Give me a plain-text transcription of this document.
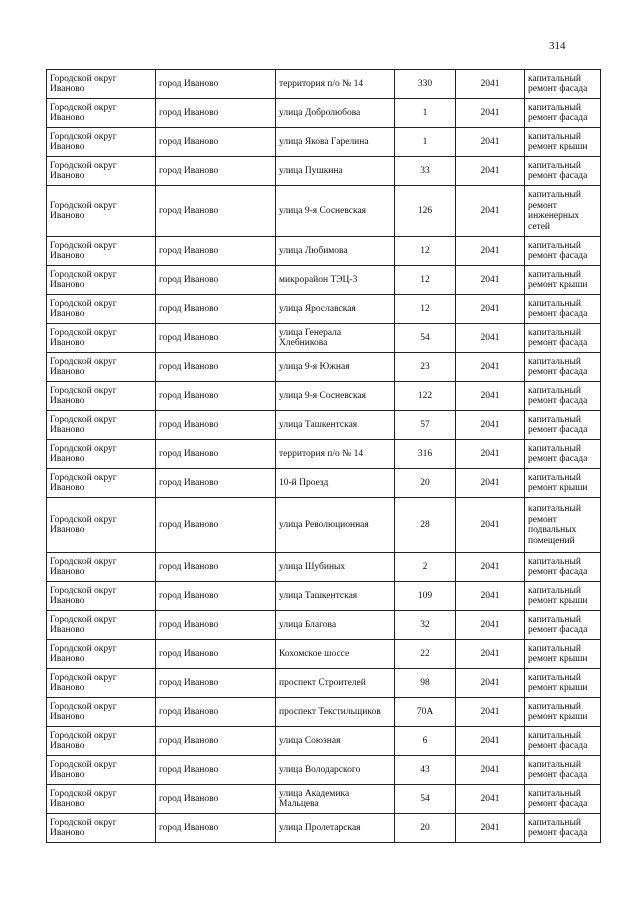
314
Городской округ Иваново	город Иваново	территория п/о № 14	330	2041	капитальный ремонт фасада
Городской округ Иваново	город Иваново	улица Добролюбова	1	2041	капитальный ремонт фасада
Городской округ Иваново	город Иваново	улица Якова Гарелина	1	2041	капитальный ремонт крыши
Городской округ Иваново	город Иваново	улица Пушкина	33	2041	капитальный ремонт фасада
Городской округ Иваново	город Иваново	улица 9-я Сосневская	126	2041	капитальный ремонт инженерных сетей
Городской округ Иваново	город Иваново	улица Любимова	12	2041	капитальный ремонт фасада
Городской округ Иваново	город Иваново	микрорайон ТЭЦ-3	12	2041	капитальный ремонт крыши
Городской округ Иваново	город Иваново	улица Ярославская	12	2041	капитальный ремонт фасада
Городской округ Иваново	город Иваново	улица Генерала Хлебникова	54	2041	капитальный ремонт фасада
Городской округ Иваново	город Иваново	улица 9-я Южная	23	2041	капитальный ремонт фасада
Городской округ Иваново	город Иваново	улица 9-я Сосневская	122	2041	капитальный ремонт фасада
Городской округ Иваново	город Иваново	улица Ташкентская	57	2041	капитальный ремонт фасада
Городской округ Иваново	город Иваново	территория п/о № 14	316	2041	капитальный ремонт фасада
Городской округ Иваново	город Иваново	10-й Проезд	20	2041	капитальный ремонт крыши
Городской округ Иваново	город Иваново	улица Революционная	28	2041	капитальный ремонт подвальных помещений
Городской округ Иваново	город Иваново	улица Шубиных	2	2041	капитальный ремонт фасада
Городской округ Иваново	город Иваново	улица Ташкентская	109	2041	капитальный ремонт крыши
Городской округ Иваново	город Иваново	улица Благова	32	2041	капитальный ремонт фасада
Городской округ Иваново	город Иваново	Кохомское шоссе	22	2041	капитальный ремонт крыши
Городской округ Иваново	город Иваново	проспект Строителей	98	2041	капитальный ремонт крыши
Городской округ Иваново	город Иваново	проспект Текстильщиков	70А	2041	капитальный ремонт крыши
Городской округ Иваново	город Иваново	улица Союзная	6	2041	капитальный ремонт фасада
Городской округ Иваново	город Иваново	улица Володарского	43	2041	капитальный ремонт фасада
Городской округ Иваново	город Иваново	улица Академика Мальцева	54	2041	капитальный ремонт фасада
Городской округ Иваново	город Иваново	улица Пролетарская	20	2041	капитальный ремонт фасада
